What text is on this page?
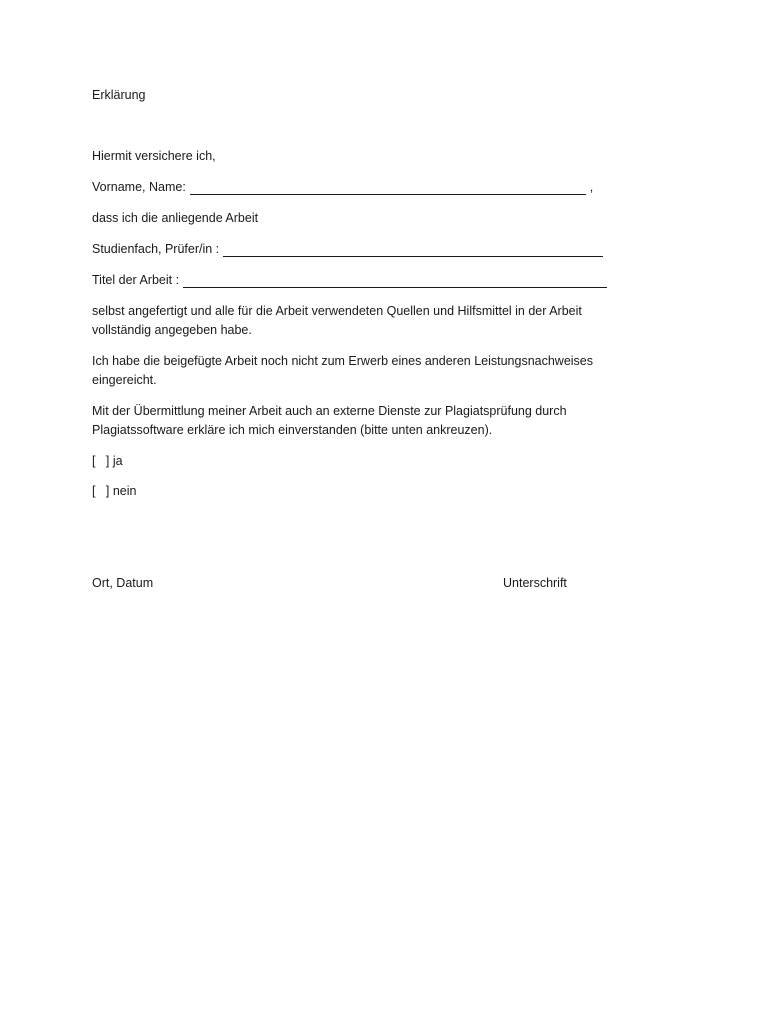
Erklärung
Hiermit versichere ich,
Vorname, Name:	,
dass ich die anliegende Arbeit
Studienfach, Prüfer/in :
Titel der Arbeit :
selbst angefertigt und alle für die Arbeit verwendeten Quellen und Hilfsmittel in der Arbeit
vollständig angegeben habe.
Ich habe die beigefügte Arbeit noch nicht zum Erwerb eines anderen Leistungsnachweises
eingereicht.
Mit der Übermittlung meiner Arbeit auch an externe Dienste zur Plagiatsprüfung durch
Plagiatssoftware erkläre ich mich einverstanden (bitte unten ankreuzen).
[   ] ja
[   ] nein
Ort, Datum	Unterschrift
